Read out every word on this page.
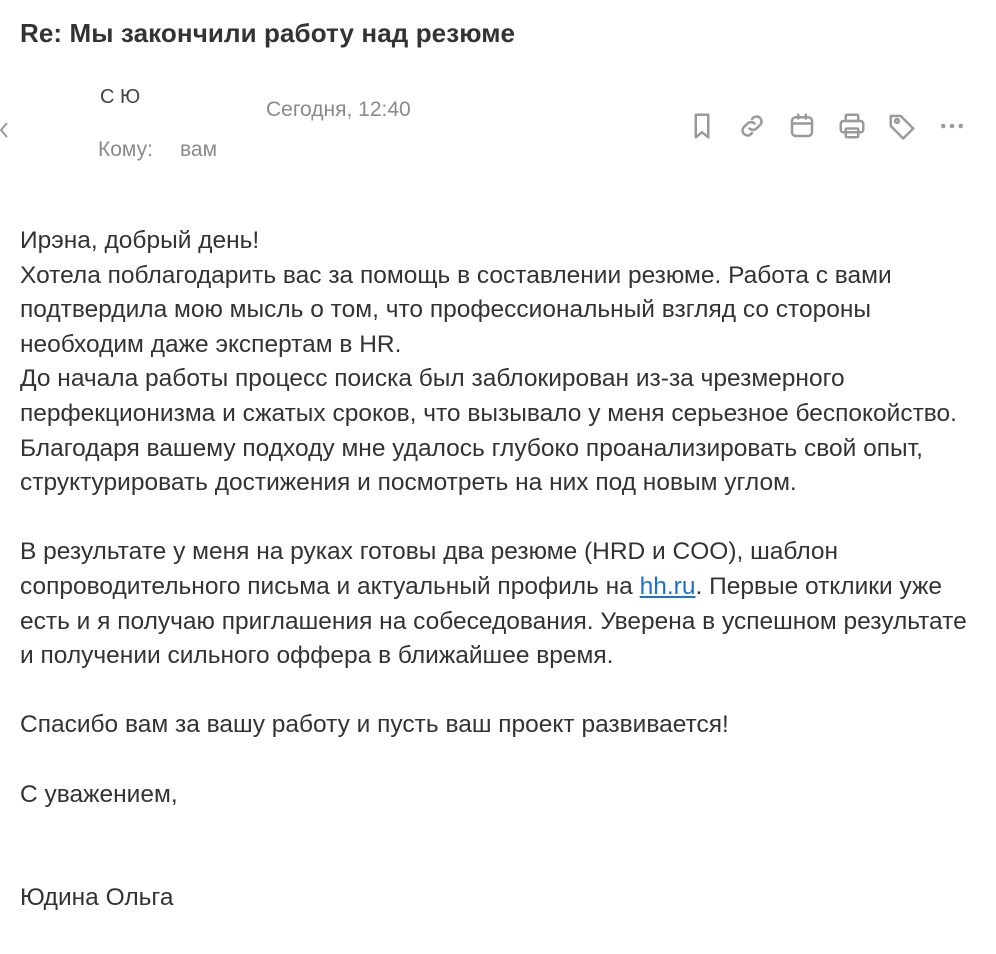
Re: Мы закончили работу над резюме
С Ю
Сегодня, 12:40
Кому: вам

Ирэна, добрый день!

Хотела поблагодарить вас за помощь в составлении резюме. Работа с вами подтвердила мою мысль о том, что профессиональный взгляд со стороны необходим даже экспертам в HR.

До начала работы процесс поиска был заблокирован из-за чрезмерного перфекционизма и сжатых сроков, что вызывало у меня серьезное беспокойство. Благодаря вашему подходу мне удалось глубоко проанализировать свой опыт, структурировать достижения и посмотреть на них под новым углом.

В результате у меня на руках готовы два резюме (HRD и COO), шаблон сопроводительного письма и актуальный профиль на hh.ru. Первые отклики уже есть и я получаю приглашения на собеседования. Уверена в успешном результате и получении сильного оффера в ближайшее время.

Спасибо вам за вашу работу и пусть ваш проект развивается!

С уважением,

Юдина Ольга
